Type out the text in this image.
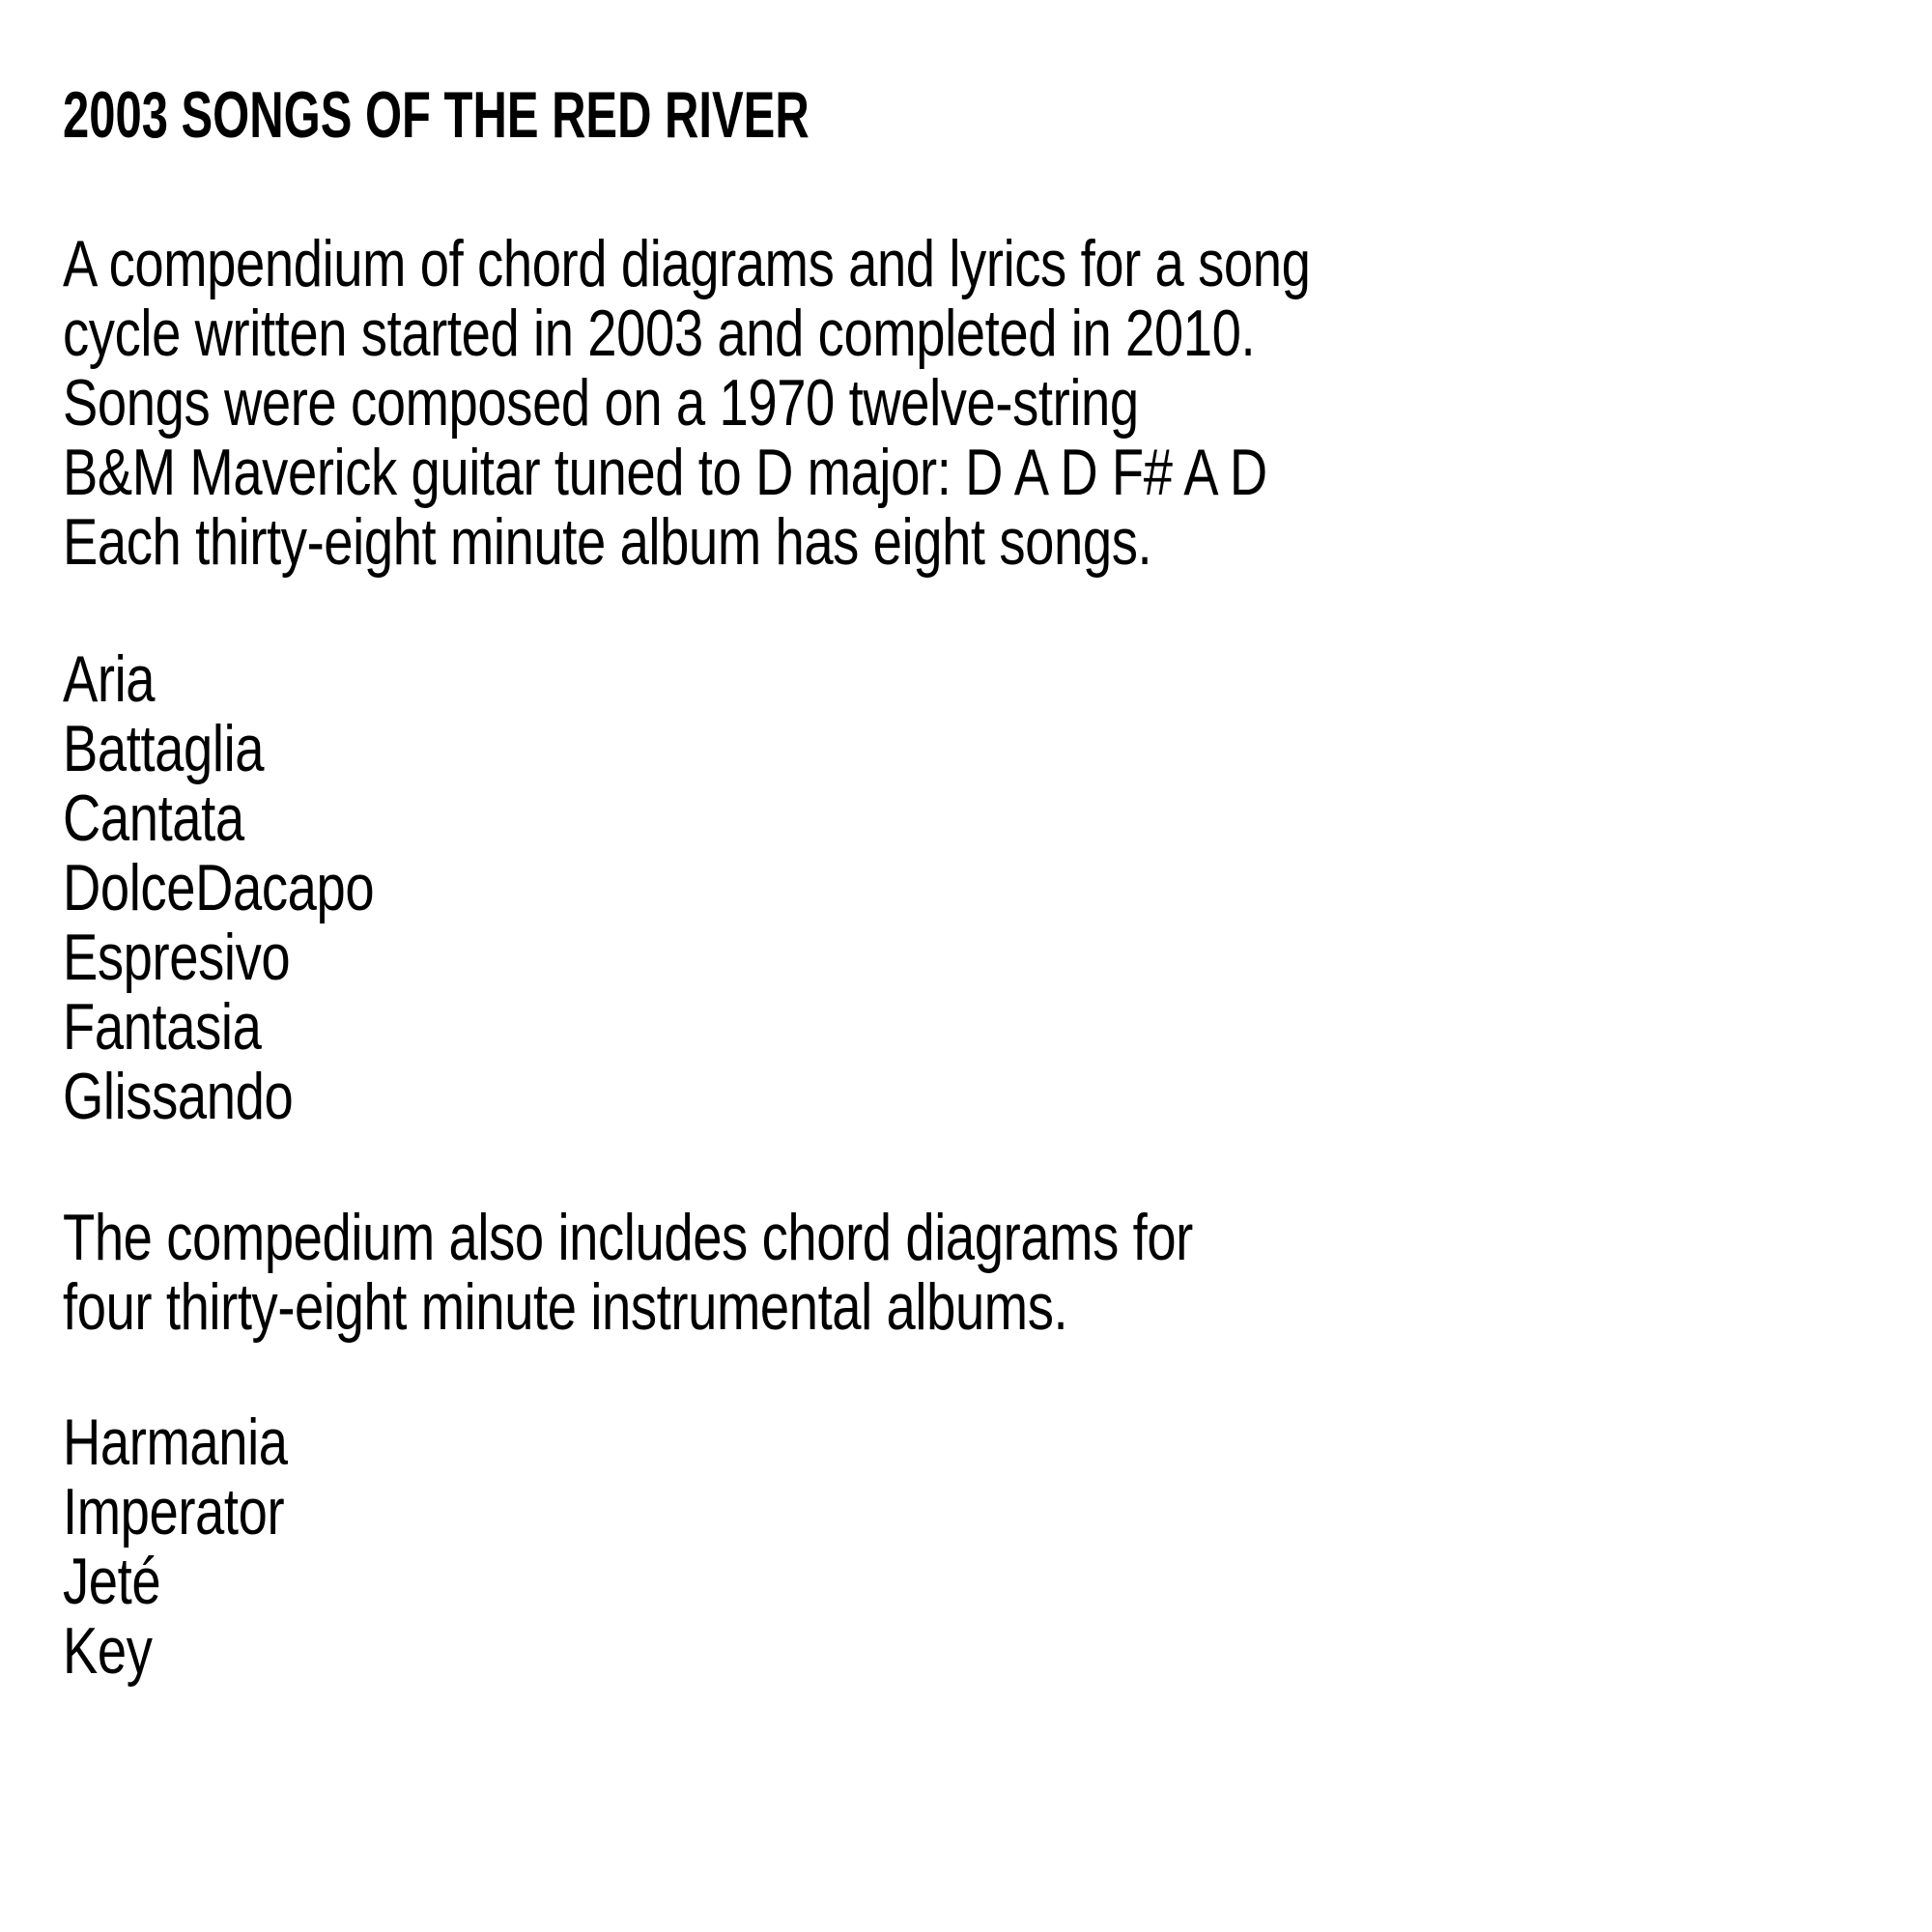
2003 SONGS OF THE RED RIVER
A compendium of chord diagrams and lyrics for a song
cycle written started in 2003 and completed in 2010.
Songs were composed on a 1970 twelve-string
B&M Maverick guitar tuned to D major: D A D F# A D
Each thirty-eight minute album has eight songs.
Aria
Battaglia
Cantata
DolceDacapo
Espresivo
Fantasia
Glissando
The compedium also includes chord diagrams for
four thirty-eight minute instrumental albums.
Harmania
Imperator
Jeté
Key
